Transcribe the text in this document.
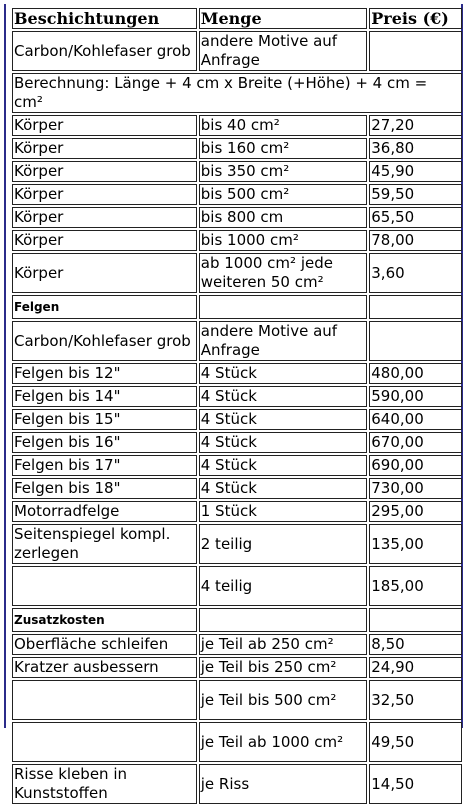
Beschichtungen	Menge	Preis (€)
Carbon/Kohlefaser grob	andere Motive auf Anfrage	
Berechnung: Länge + 4 cm x Breite (+Höhe) + 4 cm = cm²		
Körper	bis 40 cm²	27,20
Körper	bis 160 cm²	36,80
Körper	bis 350 cm²	45,90
Körper	bis 500 cm²	59,50
Körper	bis 800 cm	65,50
Körper	bis 1000 cm²	78,00
Körper	ab 1000 cm² jede weiteren 50 cm²	3,60
Felgen		
Carbon/Kohlefaser grob	andere Motive auf Anfrage	
Felgen bis 12"	4 Stück	480,00
Felgen bis 14"	4 Stück	590,00
Felgen bis 15"	4 Stück	640,00
Felgen bis 16"	4 Stück	670,00
Felgen bis 17"	4 Stück	690,00
Felgen bis 18"	4 Stück	730,00
Motorradfelge	1 Stück	295,00
Seitenspiegel kompl. zerlegen	2 teilig	135,00
	4 teilig	185,00
Zusatzkosten		
Oberfläche schleifen	je Teil ab 250 cm²	8,50
Kratzer ausbessern	je Teil bis 250 cm²	24,90
	je Teil bis 500 cm²	32,50
	je Teil ab 1000 cm²	49,50
Risse kleben in Kunststoffen	je Riss	14,50
